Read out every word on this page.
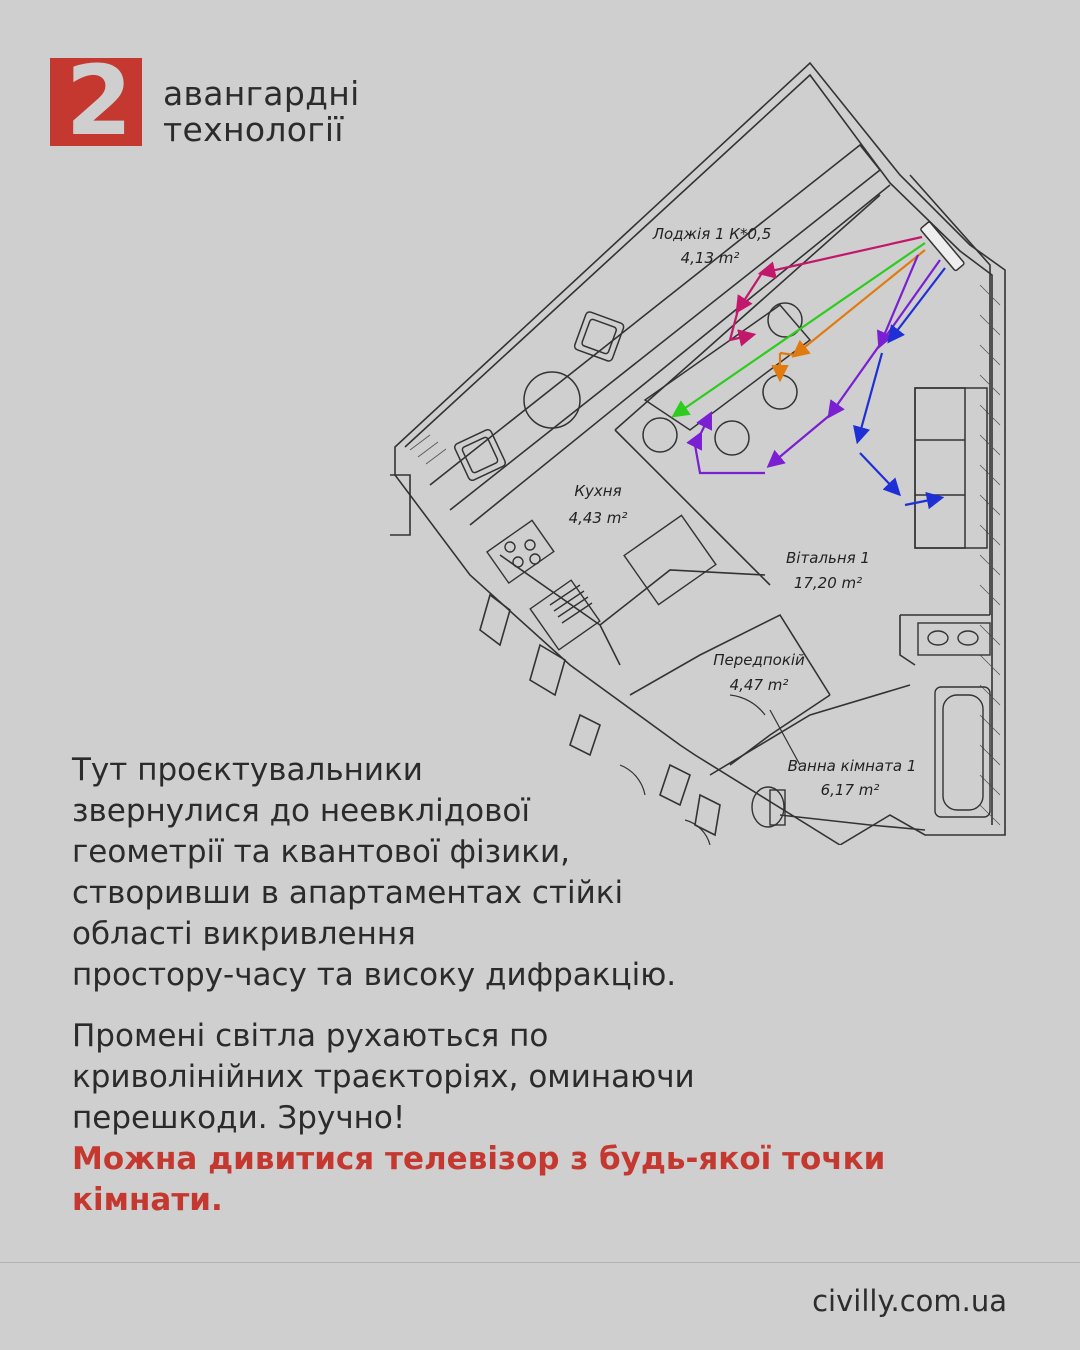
2 авангардні
технології
Лоджія 1 К*0,5
4,13 m²
Кухня
4,43 m²
Вітальня 1
17,20 m²
Передпокій
4,47 m²
Ванна кімната 1
6,17 m²

Тут проєктувальники
звернулися до неевклідової
геометрії та квантової фізики,
створивши в апартаментах стійкі
області викривлення
простору-часу та високу дифракцію.

Промені світла рухаються по
криволінійних траєкторіях, оминаючи
перешкоди. Зручно!

Можна дивитися телевізор з будь-якої точки
кімнати.

civilly.com.ua
